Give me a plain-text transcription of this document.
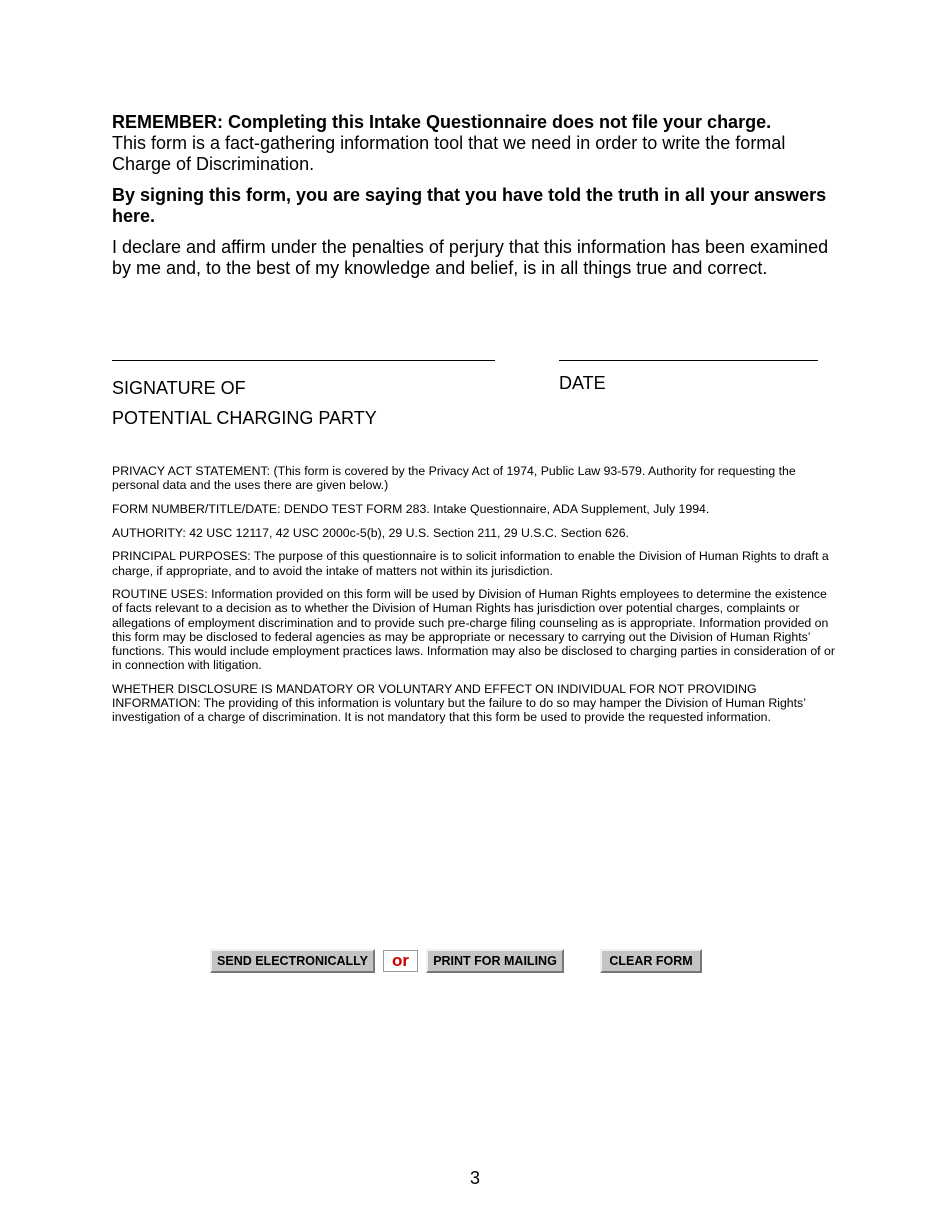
REMEMBER: Completing this Intake Questionnaire does not file your charge.
This form is a fact-gathering information tool that we need in order to write the formal Charge of Discrimination.

By signing this form, you are saying that you have told the truth in all your answers here.

I declare and affirm under the penalties of perjury that this information has been examined by me and, to the best of my knowledge and belief, is in all things true and correct.

SIGNATURE OF
POTENTIAL CHARGING PARTY
DATE

PRIVACY ACT STATEMENT: (This form is covered by the Privacy Act of 1974, Public Law 93-579. Authority for requesting the personal data and the uses there are given below.)

FORM NUMBER/TITLE/DATE: DENDO TEST FORM 283. Intake Questionnaire, ADA Supplement, July 1994.

AUTHORITY: 42 USC 12117, 42 USC 2000c-5(b), 29 U.S. Section 211, 29 U.S.C. Section 626.

PRINCIPAL PURPOSES: The purpose of this questionnaire is to solicit information to enable the Division of Human Rights to draft a charge, if appropriate, and to avoid the intake of matters not within its jurisdiction.

ROUTINE USES: Information provided on this form will be used by Division of Human Rights employees to determine the existence of facts relevant to a decision as to whether the Division of Human Rights has jurisdiction over potential charges, complaints or allegations of employment discrimination and to provide such pre-charge filing counseling as is appropriate. Information provided on this form may be disclosed to federal agencies as may be appropriate or necessary to carrying out the Division of Human Rights’ functions. This would include employment practices laws. Information may also be disclosed to charging parties in consideration of or in connection with litigation.

WHETHER DISCLOSURE IS MANDATORY OR VOLUNTARY AND EFFECT ON INDIVIDUAL FOR NOT PROVIDING INFORMATION: The providing of this information is voluntary but the failure to do so may hamper the Division of Human Rights’ investigation of a charge of discrimination. It is not mandatory that this form be used to provide the requested information.

SEND ELECTRONICALLY	or	PRINT FOR MAILING	CLEAR FORM
3
